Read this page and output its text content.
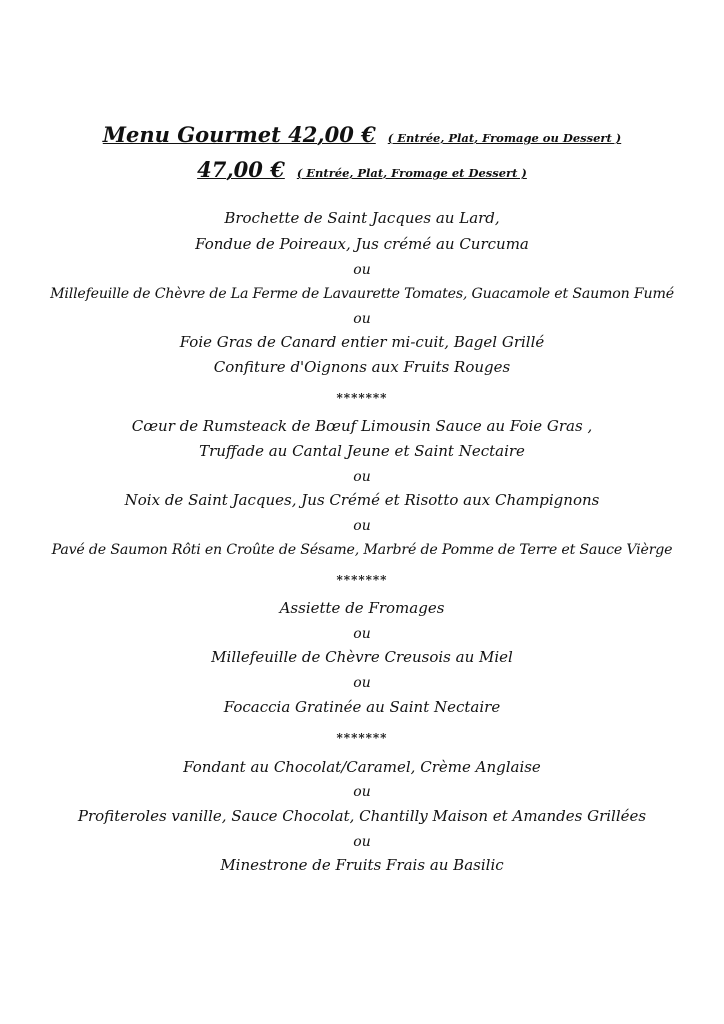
Menu Gourmet 42,00 € ( Entrée, Plat, Fromage ou Dessert )
47,00 € ( Entrée, Plat, Fromage et Dessert )
Brochette de Saint Jacques au Lard,
Fondue de Poireaux, Jus crémé au Curcuma
ou
Millefeuille de Chèvre de La Ferme de Lavaurette Tomates, Guacamole et Saumon Fumé
ou
Foie Gras de Canard entier mi-cuit, Bagel Grillé
Confiture d'Oignons aux Fruits Rouges
*******
Cœur de Rumsteack de Bœuf Limousin Sauce au Foie Gras ,
Truffade au Cantal Jeune et Saint Nectaire
ou
Noix de Saint Jacques, Jus Crémé et Risotto aux Champignons
ou
Pavé de Saumon Rôti en Croûte de Sésame, Marbré de Pomme de Terre et Sauce Vièrge
*******
Assiette de Fromages
ou
Millefeuille de Chèvre Creusois au Miel
ou
Focaccia Gratinée au Saint Nectaire
*******
Fondant au Chocolat/Caramel, Crème Anglaise
ou
Profiteroles vanille, Sauce Chocolat, Chantilly Maison et Amandes Grillées
ou
Minestrone de Fruits Frais au Basilic
